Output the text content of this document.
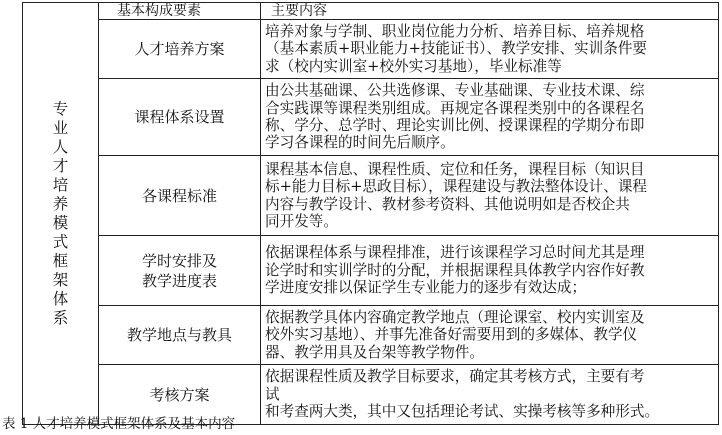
专业人才培养模式框架体系	基本构成要素	主要内容

	人才培养方案	培养对象与学制、职业岗位能力分析、培养目标、培养规格
（基本素质+职业能力+技能证书）、教学安排、实训条件要
求（校内实训室+校外实习基地），毕业标准等

	课程体系设置	由公共基础课、公共选修课、专业基础课、专业技术课、综
合实践课等课程类别组成。再规定各课程类别中的各课程名
称、学分、总学时、理论实训比例、授课课程的学期分布即
学习各课程的时间先后顺序。

	各课程标准	课程基本信息、课程性质、定位和任务，课程目标（知识目
标+能力目标+思政目标），课程建设与教法整体设计、课程
内容与教学设计、教材参考资料、其他说明如是否校企共
同开发等。

	学时安排及
教学进度表	依据课程体系与课程排准，进行该课程学习总时间尤其是理
论学时和实训学时的分配，并根据课程具体教学内容作好教
学进度安排以保证学生专业能力的逐步有效达成；

	教学地点与教具	依据教学具体内容确定教学地点（理论课室、校内实训室及
校外实习基地）、并事先准备好需要用到的多媒体、教学仪
器、教学用具及台架等教学物件。

	考核方案	依据课程性质及教学目标要求，确定其考核方式，主要有考
试
和考查两大类，其中又包括理论考试、实操考核等多种形式。
表 1 人才培养模式框架体系及基本内容
